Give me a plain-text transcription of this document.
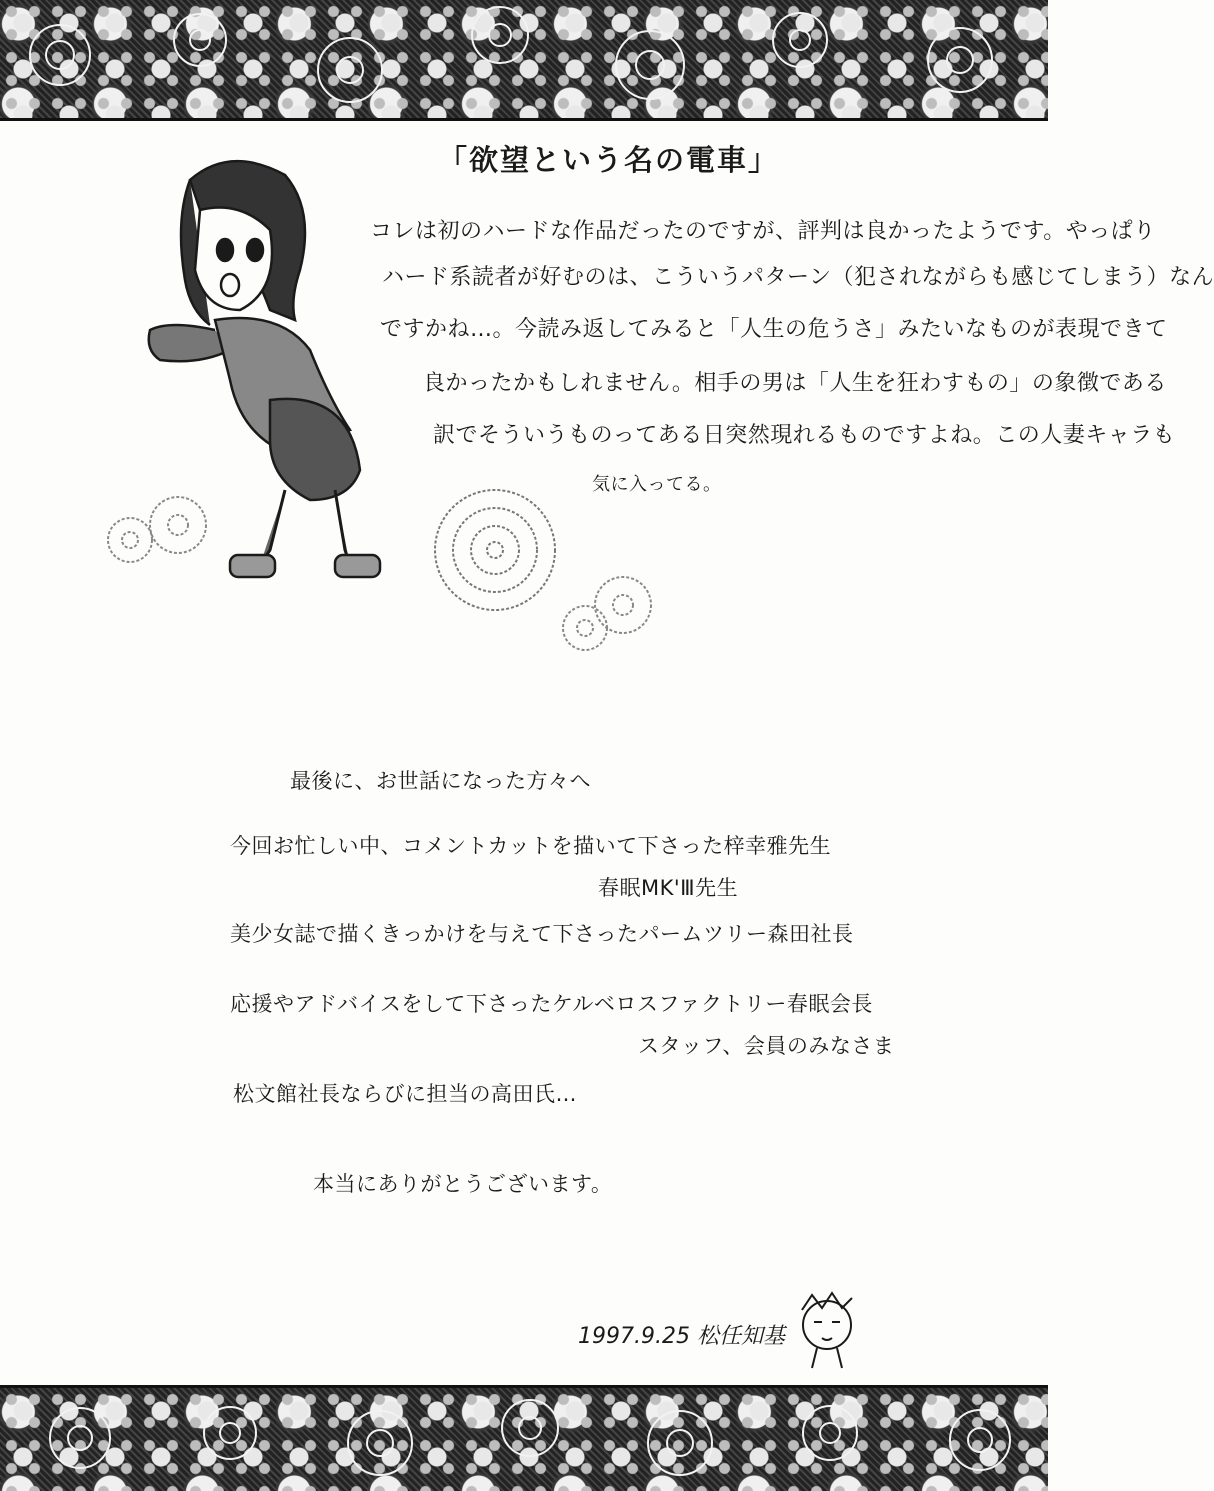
「欲望という名の電車」
コレは初のハードな作品だったのですが、評判は良かったようです。やっぱり
ハード系読者が好むのは、こういうパターン（犯されながらも感じてしまう）なん
ですかね…。今読み返してみると「人生の危うさ」みたいなものが表現できて
良かったかもしれません。相手の男は「人生を狂わすもの」の象徴である
訳でそういうものってある日突然現れるものですよね。この人妻キャラも
気に入ってる。
最後に、お世話になった方々へ
今回お忙しい中、コメントカットを描いて下さった梓幸雅先生
春眠MK'Ⅲ先生
美少女誌で描くきっかけを与えて下さったパームツリー森田社長
応援やアドバイスをして下さったケルベロスファクトリー春眠会長
スタッフ、会員のみなさま
松文館社長ならびに担当の高田氏…
本当にありがとうございます。
1997.9.25 松任知基
